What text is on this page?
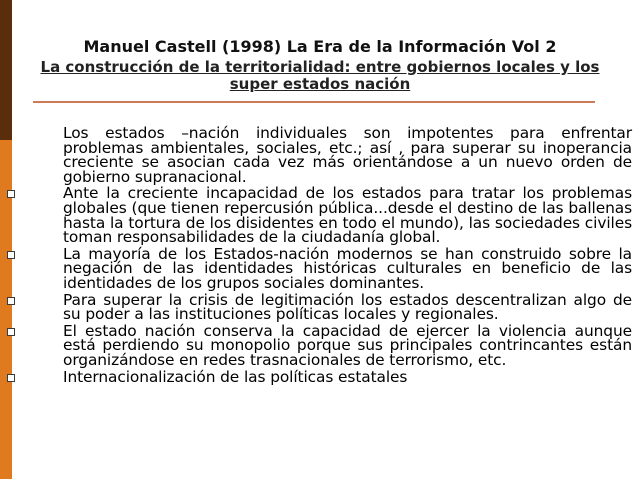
Manuel Castell (1998) La Era de la Información Vol 2
La construcción de la territorialidad: entre gobiernos locales y los super estados nación
Los estados –nación individuales son impotentes para enfrentar problemas ambientales, sociales, etc.; así , para superar su inoperancia creciente se asocian cada vez más orientándose a un nuevo orden de gobierno supranacional.
Ante la creciente incapacidad de los estados para tratar los problemas globales (que tienen repercusión pública...desde el destino de las ballenas hasta la tortura de los disidentes en todo el mundo), las sociedades civiles toman responsabilidades de la ciudadanía global.
La mayoría de los Estados-nación modernos se han construido sobre la negación de las identidades históricas culturales en beneficio de las identidades de los grupos sociales dominantes.
Para superar la crisis de legitimación los estados descentralizan algo de su poder a las instituciones políticas locales y regionales.
El estado nación conserva la capacidad de ejercer la violencia aunque está perdiendo su monopolio porque sus principales contrincantes están organizándose en redes trasnacionales de terrorismo, etc.
Internacionalización de las políticas estatales
